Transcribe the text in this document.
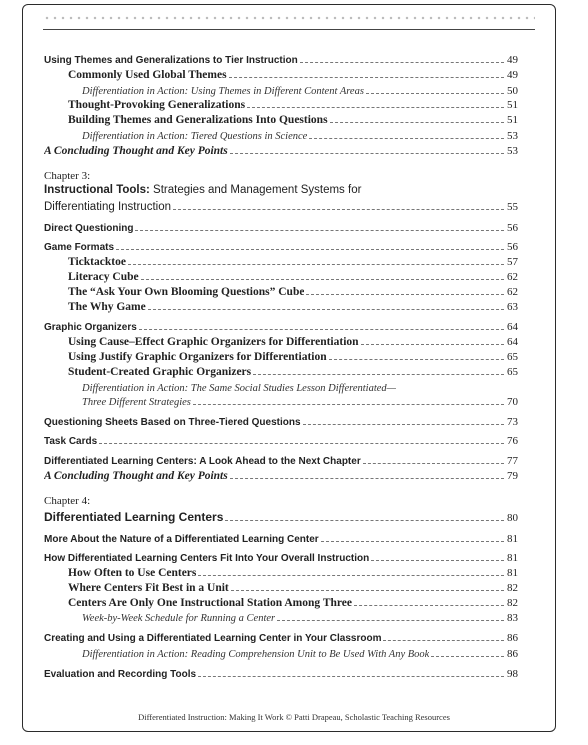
Using Themes and Generalizations to Tier Instruction	49
Commonly Used Global Themes	49
Differentiation in Action: Using Themes in Different Content Areas	50
Thought-Provoking Generalizations	51
Building Themes and Generalizations Into Questions	51
Differentiation in Action: Tiered Questions in Science	53
A Concluding Thought and Key Points	53
Chapter 3:
Instructional Tools: Strategies and Management Systems for
Differentiating Instruction	55
Direct Questioning	56
Game Formats	56
Ticktacktoe	57
Literacy Cube	62
The “Ask Your Own Blooming Questions” Cube	62
The Why Game	63
Graphic Organizers	64
Using Cause–Effect Graphic Organizers for Differentiation	64
Using Justify Graphic Organizers for Differentiation	65
Student-Created Graphic Organizers	65
Differentiation in Action: The Same Social Studies Lesson Differentiated—
Three Different Strategies	70
Questioning Sheets Based on Three-Tiered Questions	73
Task Cards	76
Differentiated Learning Centers: A Look Ahead to the Next Chapter	77
A Concluding Thought and Key Points	79
Chapter 4:
Differentiated Learning Centers	80
More About the Nature of a Differentiated Learning Center	81
How Differentiated Learning Centers Fit Into Your Overall Instruction	81
How Often to Use Centers	81
Where Centers Fit Best in a Unit	82
Centers Are Only One Instructional Station Among Three	82
Week-by-Week Schedule for Running a Center	83
Creating and Using a Differentiated Learning Center in Your Classroom	86
Differentiation in Action: Reading Comprehension Unit to Be Used With Any Book	86
Evaluation and Recording Tools	98
Differentiated Instruction: Making It Work © Patti Drapeau, Scholastic Teaching Resources
